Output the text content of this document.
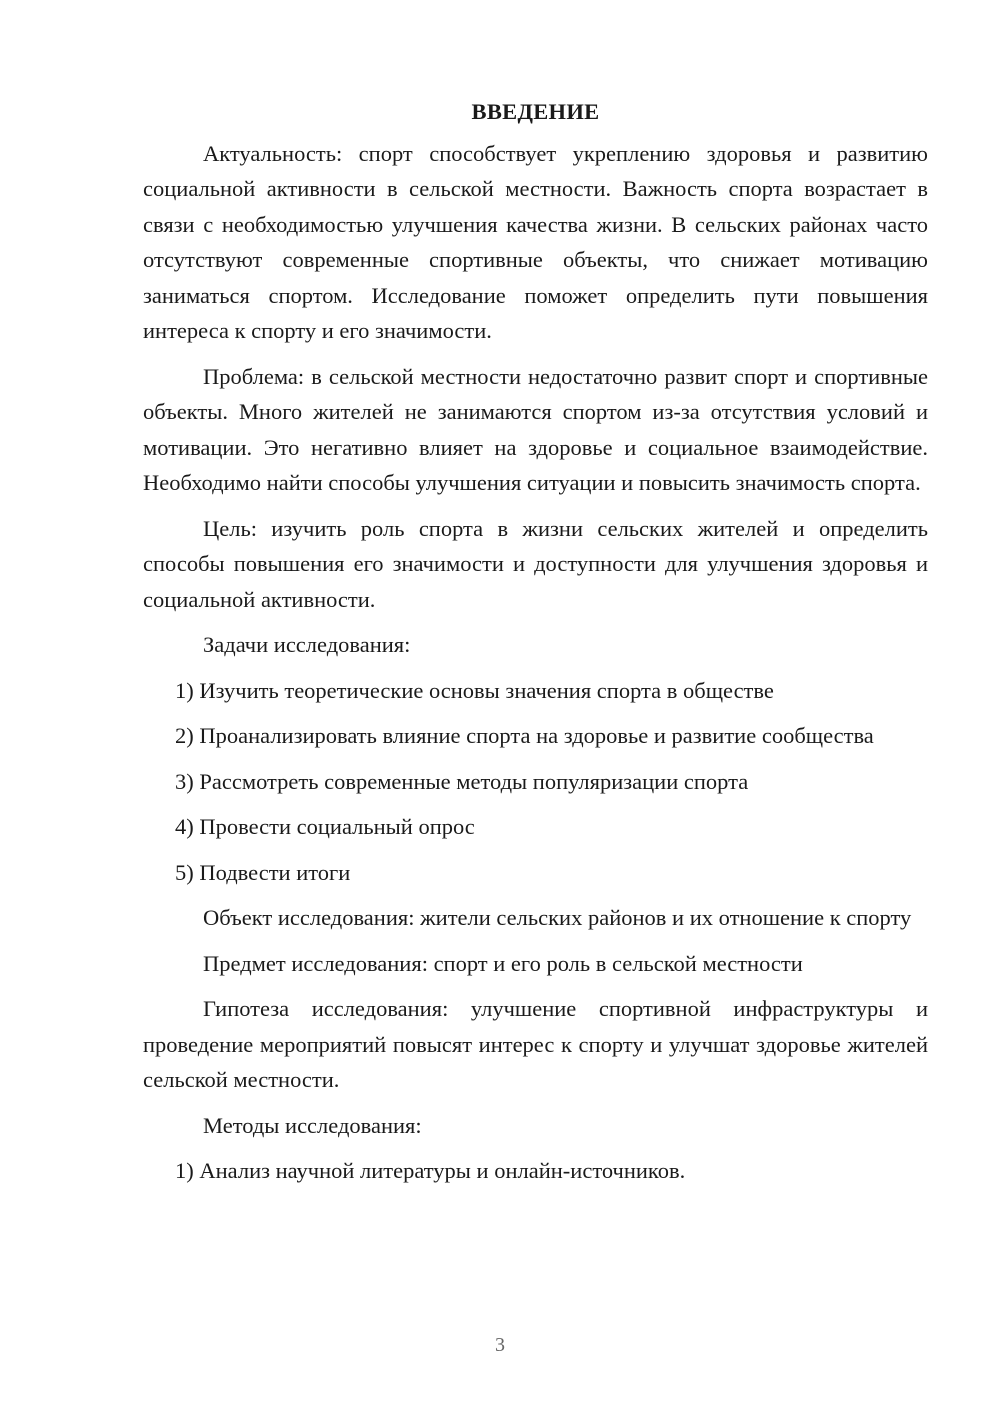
ВВЕДЕНИЕ

Актуальность: спорт способствует укреплению здоровья и развитию социальной активности в сельской местности. Важность спорта возрастает в связи с необходимостью улучшения качества жизни. В сельских районах часто отсутствуют современные спортивные объекты, что снижает мотивацию заниматься спортом. Исследование поможет определить пути повышения интереса к спорту и его значимости.

Проблема: в сельской местности недостаточно развит спорт и спортивные объекты. Много жителей не занимаются спортом из-за отсутствия условий и мотивации. Это негативно влияет на здоровье и социальное взаимодействие. Необходимо найти способы улучшения ситуации и повысить значимость спорта.

Цель: изучить роль спорта в жизни сельских жителей и определить способы повышения его значимости и доступности для улучшения здоровья и социальной активности.

Задачи исследования:

1) Изучить теоретические основы значения спорта в обществе

2) Проанализировать влияние спорта на здоровье и развитие сообщества

3) Рассмотреть современные методы популяризации спорта

4) Провести социальный опрос

5) Подвести итоги

Объект исследования: жители сельских районов и их отношение к спорту

Предмет исследования: спорт и его роль в сельской местности

Гипотеза исследования: улучшение спортивной инфраструктуры и проведение мероприятий повысят интерес к спорту и улучшат здоровье жителей сельской местности.

Методы исследования:

1) Анализ научной литературы и онлайн-источников.

3
